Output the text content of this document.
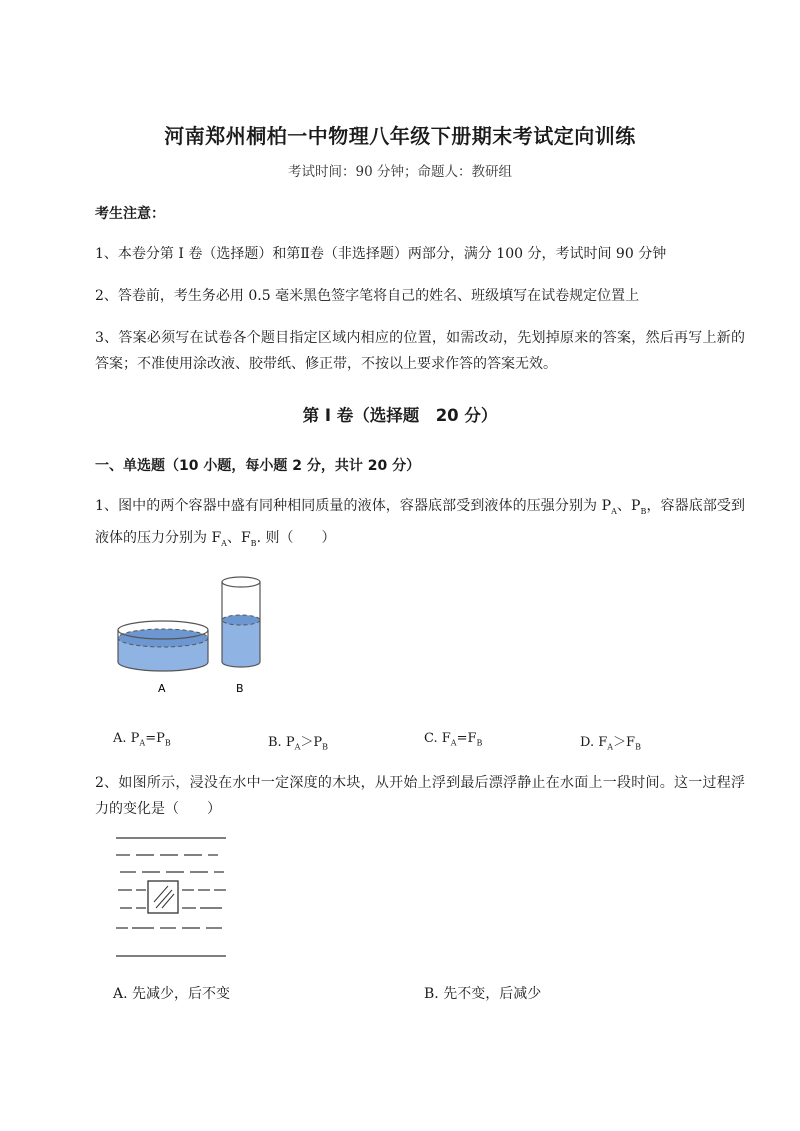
河南郑州桐柏一中物理八年级下册期末考试定向训练
考试时间：90 分钟；命题人：教研组
考生注意：
1、本卷分第 I 卷（选择题）和第Ⅱ卷（非选择题）两部分，满分 100 分，考试时间 90 分钟
2、答卷前，考生务必用 0.5 毫米黑色签字笔将自己的姓名、班级填写在试卷规定位置上
3、答案必须写在试卷各个题目指定区域内相应的位置，如需改动，先划掉原来的答案，然后再写上新的答案；不准使用涂改液、胶带纸、修正带，不按以上要求作答的答案无效。
第 I 卷（选择题　20 分）
一、单选题（10 小题，每小题 2 分，共计 20 分）
1、图中的两个容器中盛有同种相同质量的液体，容器底部受到液体的压强分别为 $P_A$、$P_B$，容器底部受到液体的压力分别为 $F_A$、$F_B$. 则（　　）
A	B
A. $P_A=P_B$	B. $P_A>P_B$
C. $F_A=F_B$	D. $F_A>F_B$
2、如图所示，浸没在水中一定深度的木块，从开始上浮到最后漂浮静止在水面上一段时间。这一过程浮力的变化是（　　）
A. 先减少，后不变	B. 先不变，后减少
